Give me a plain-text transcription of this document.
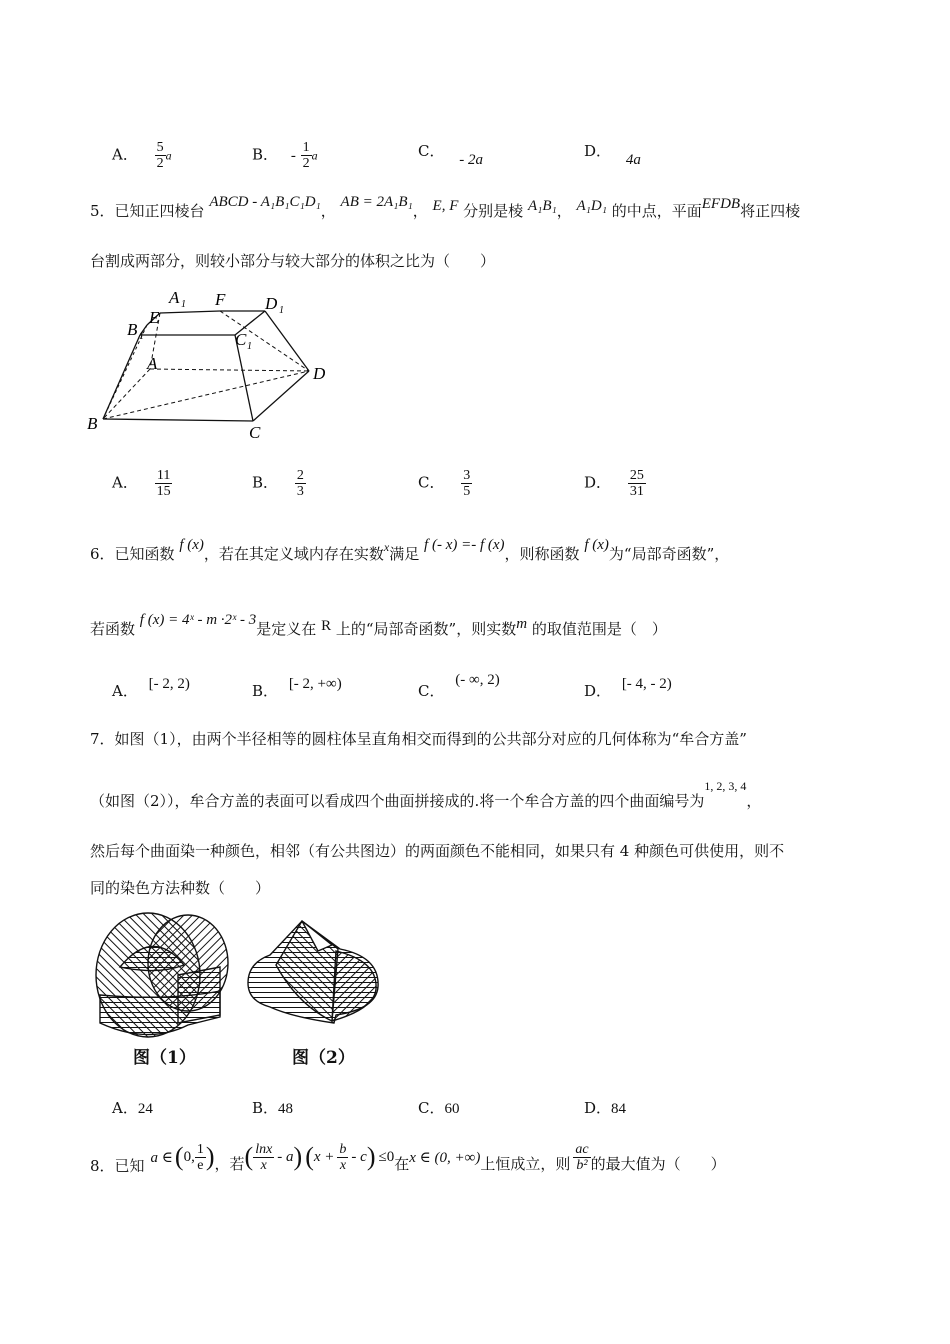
A． $\frac{5}{2}$ a	B． - $\frac{1}{2}$ a	C． - 2a	D． 4a
5．已知正四棱台 ABCD - A₁B₁C₁D₁， AB = 2A₁B₁， E, F 分别是棱 A₁B₁， A₁D₁ 的中点，平面EFDB将正四棱
台割成两部分，则较小部分与较大部分的体积之比为（　　）
A 1 F D 1
B 1
E
C 1
A
D
B	C
A． $\frac{11}{15}$	B． $\frac{2}{3}$	C． $\frac{3}{5}$	D． $\frac{25}{31}$
6．已知函数 f (x)，若在其定义域内存在实数$^x$满足 f (- x) =- f (x)，则称函数 f (x)为“局部奇函数”，
若函数 f (x) = 4ˣ - m ·2ˣ - 3是定义在 R 上的“局部奇函数”，则实数m 的取值范围是（　）
A． [- 2, 2)	B． [- 2, +∞)	C． (- ∞, 2)
D． [- 4, - 2)
7．如图（1），由两个半径相等的圆柱体呈直角相交而得到的公共部分对应的几何体称为“牟合方盖”
（如图（2）），牟合方盖的表面可以看成四个曲面拼接成的.将一个牟合方盖的四个曲面编号为$^{1, 2, 3, 4}$，
然后每个曲面染一种颜色，相邻（有公共图边）的两面颜色不能相同，如果只有 4 种颜色可供使用，则不
同的染色方法种数（　　）
图（1）	图（2）
A．24	B．48	C．60	D．84
8．已知 a ∈ ( 0, $\frac{1}{e}$ ) ，若 ( $\frac{\ln x}{x}$ - a ) ( $x + \frac{b}{x} - c$ ) ≤0 在 x ∈ (0, +∞) 上恒成立，则 $\frac{ac}{\text{b²}}$ 的最大值为（　　）
